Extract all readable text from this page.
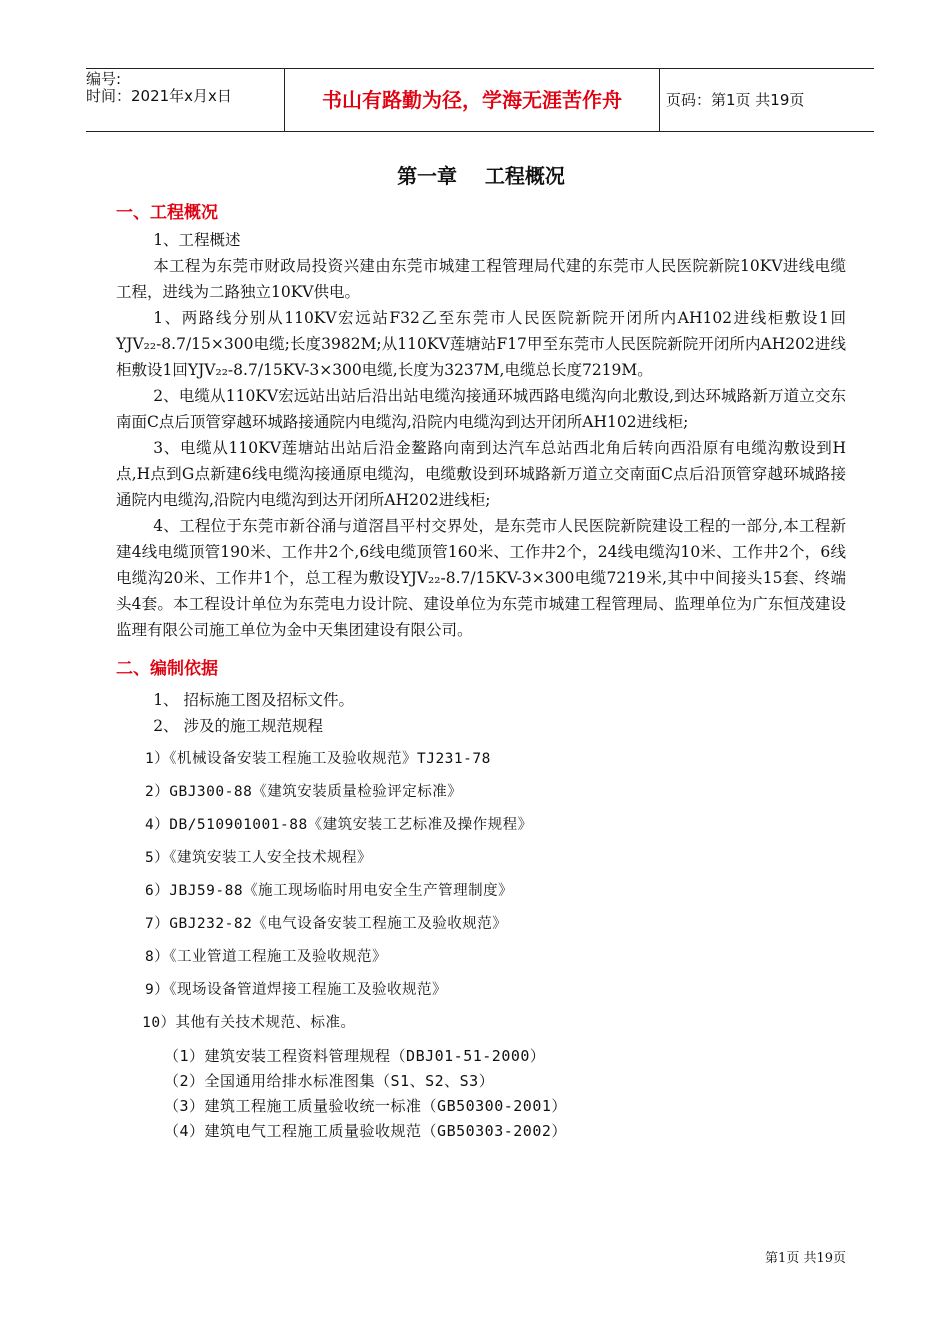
编号:
时间：2021年x月x日	书山有路勤为径，学海无涯苦作舟	页码：第1页 共19页
第一章    工程概况
一、工程概况

1、工程概述

本工程为东莞市财政局投资兴建由东莞市城建工程管理局代建的东莞市人民医院新院10KV进线电缆工程，进线为二路独立10KV供电。

1、两路线分别从110KV宏远站F32乙至东莞市人民医院新院开闭所内AH102进线柜敷设1回YJV₂₂-8.7/15×300电缆;长度3982M;从110KV莲塘站F17甲至东莞市人民医院新院开闭所内AH202进线柜敷设1回YJV₂₂-8.7/15KV-3×300电缆,长度为3237M,电缆总长度7219M。

2、电缆从110KV宏远站出站后沿出站电缆沟接通环城西路电缆沟向北敷设,到达环城路新万道立交东南面C点后顶管穿越环城路接通院内电缆沟,沿院内电缆沟到达开闭所AH102进线柜;

3、电缆从110KV莲塘站出站后沿金鳌路向南到达汽车总站西北角后转向西沿原有电缆沟敷设到H点,H点到G点新建6线电缆沟接通原电缆沟，电缆敷设到环城路新万道立交南面C点后沿顶管穿越环城路接通院内电缆沟,沿院内电缆沟到达开闭所AH202进线柜;

4、工程位于东莞市新谷涌与道滘昌平村交界处，是东莞市人民医院新院建设工程的一部分,本工程新建4线电缆顶管190米、工作井2个,6线电缆顶管160米、工作井2个，24线电缆沟10米、工作井2个，6线电缆沟20米、工作井1个，总工程为敷设YJV₂₂-8.7/15KV-3×300电缆7219米,其中中间接头15套、终端头4套。本工程设计单位为东莞电力设计院、建设单位为东莞市城建工程管理局、监理单位为广东恒茂建设监理有限公司施工单位为金中天集团建设有限公司。

二、编制依据

1、 招标施工图及招标文件。

2、 涉及的施工规范规程

1）《机械设备安装工程施工及验收规范》TJ231-78
2）GBJ300-88《建筑安装质量检验评定标准》
4）DB/510901001-88《建筑安装工艺标准及操作规程》
5）《建筑安装工人安全技术规程》
6）JBJ59-88《施工现场临时用电安全生产管理制度》
7）GBJ232-82《电气设备安装工程施工及验收规范》
8）《工业管道工程施工及验收规范》
9）《现场设备管道焊接工程施工及验收规范》
10）其他有关技术规范、标准。
（1）建筑安装工程资料管理规程（DBJ01-51-2000）
（2）全国通用给排水标准图集（S1、S2、S3）
（3）建筑工程施工质量验收统一标准（GB50300-2001）
（4）建筑电气工程施工质量验收规范（GB50303-2002）
第1页 共19页
